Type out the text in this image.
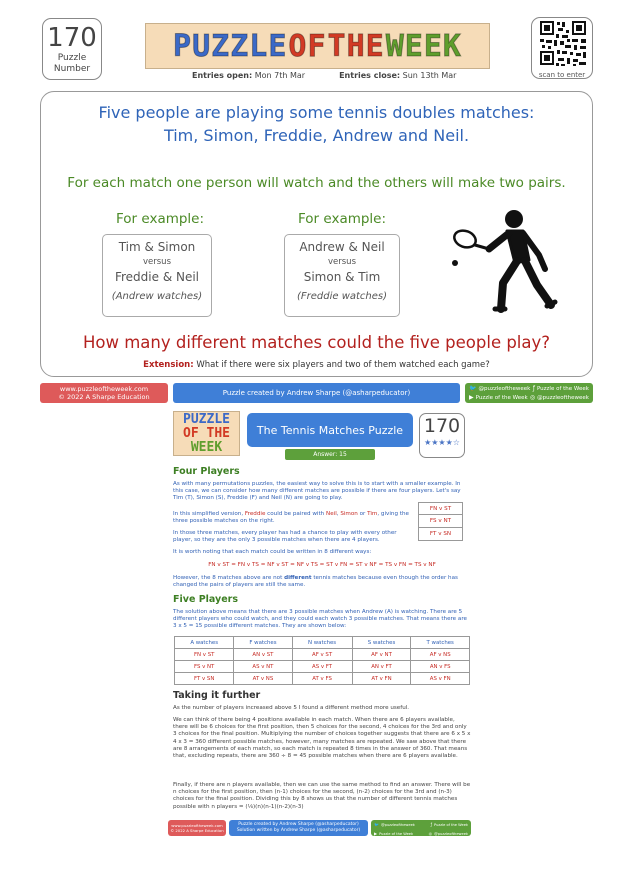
170
Puzzle
Number
PUZZLE OF THE WEEK
Entries open: Mon 7th Mar	Entries close: Sun 13th Mar	scan to enter
Five people are playing some tennis doubles matches:
Tim, Simon, Freddie, Andrew and Neil.
For each match one person will watch and the others will make two pairs.
For example:
Tim & Simon
versus
Freddie & Neil
(Andrew watches)
For example:
Andrew & Neil
versus
Simon & Tim
(Freddie watches)
How many different matches could the five people play?
Extension: What if there were six players and two of them watched each game?
www.puzzleoftheweek.com
© 2022 A Sharpe Education	Puzzle created by Andrew Sharpe (@asharpeducator)
🐦 @puzzleoftheweek ƒ Puzzle of the Week
▶ Puzzle of the Week ◎ @puzzleoftheweek
PUZZLE
OF THE
WEEK
The Tennis Matches Puzzle
Answer: 15
170
★★★★☆
Four Players
As with many permutations puzzles, the easiest way to solve this is to start with a smaller example. In this case, we can consider how many different matches are possible if there are four players. Let's say Tim (T), Simon (S), Freddie (F) and Neil (N) are going to play.
In this simplified version, Freddie could be paired with Neil, Simon or Tim, giving the three possible matches on the right.
FN v ST
FS v NT
FT v SN
In those three matches, every player has had a chance to play with every other player, so they are the only 3 possible matches when there are 4 players.
It is worth noting that each match could be written in 8 different ways:
FN v ST = FN v TS = NF v ST = NF v TS = ST v FN = ST v NF = TS v FN = TS v NF
However, the 8 matches above are not different tennis matches because even though the order has changed the pairs of players are still the same.
Five Players
The solution above means that there are 3 possible matches when Andrew (A) is watching. There are 5 different players who could watch, and they could each watch 3 possible matches. That means there are 3 x 5 = 15 possible different matches. They are shown below:
A watches	F watches	N watches	S watches	T watches
FN v ST	AN v ST	AF v ST	AF v NT	AF v NS
FS v NT	AS v NT	AS v FT	AN v FT	AN v FS
FT v SN	AT v NS	AT v FS	AT v FN	AS v FN
Taking it further
As the number of players increased above 5 I found a different method more useful.
We can think of there being 4 positions available in each match. When there are 6 players available, there will be 6 choices for the first position, then 5 choices for the second, 4 choices for the 3rd and only 3 choices for the final position. Multiplying the number of choices together suggests that there are 6 x 5 x 4 x 3 = 360 different possible matches, however, many matches are repeated. We saw above that there are 8 arrangements of each match, so each match is repeated 8 times in the answer of 360. That means that, excluding repeats, there are 360 ÷ 8 = 45 possible matches when there are 6 players available.
Finally, if there are n players available, then we can use the same method to find an answer. There will be n choices for the first position, then (n-1) choices for the second, (n-2) choices for the 3rd and (n-3) choices for the final position. Dividing this by 8 shows us that the number of different tennis matches possible with n players = (⅛)(n)(n-1)(n-2)(n-3)
www.puzzleoftheweek.com
© 2022 A Sharpe Education
Puzzle created by Andrew Sharpe (@asharpeducator)
Solution written by Andrew Sharpe (@asharpeducator)
🐦 @puzzleoftheweek	ƒ Puzzle of the Week
▶ Puzzle of the Week	◎ @puzzleoftheweek
